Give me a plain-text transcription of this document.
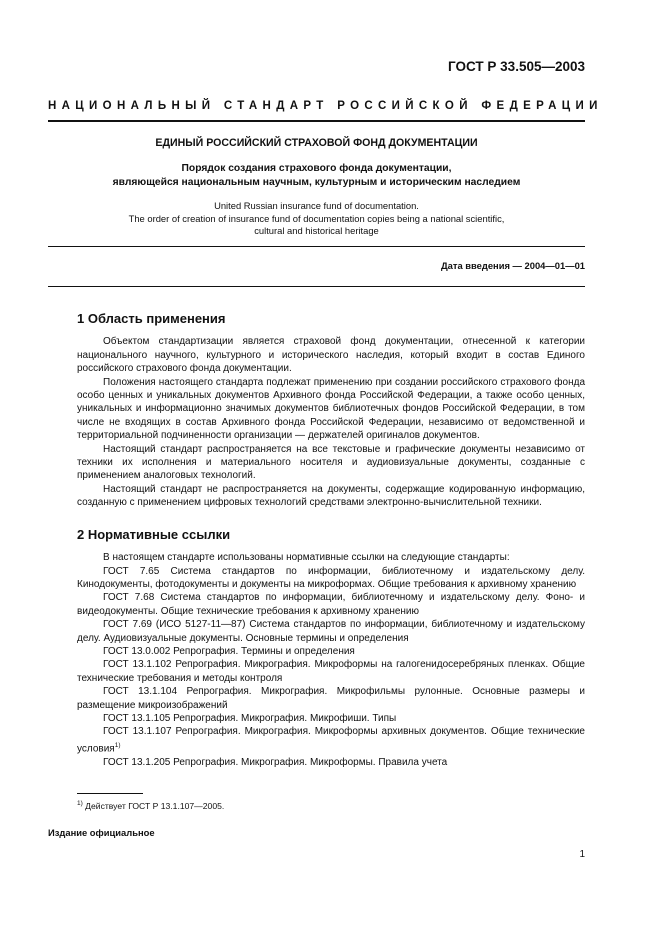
ГОСТ Р 33.505—2003
НАЦИОНАЛЬНЫЙ СТАНДАРТ РОССИЙСКОЙ ФЕДЕРАЦИИ
ЕДИНЫЙ РОССИЙСКИЙ СТРАХОВОЙ ФОНД ДОКУМЕНТАЦИИ
Порядок создания страхового фонда документации,
являющейся национальным научным, культурным и историческим наследием
United Russian insurance fund of documentation.
The order of creation of insurance fund of documentation copies being a national scientific,
cultural and historical heritage
Дата введения — 2004—01—01
1 Область применения

Объектом стандартизации является страховой фонд документации, отнесенной к категории национального научного, культурного и исторического наследия, который входит в состав Единого российского страхового фонда документации.

Положения настоящего стандарта подлежат применению при создании российского страхового фонда особо ценных и уникальных документов Архивного фонда Российской Федерации, а также особо ценных, уникальных и информационно значимых документов библиотечных фондов Российской Федерации, в том числе не входящих в состав Архивного фонда Российской Федерации, независимо от ведомственной и территориальной подчиненности организации — держателей оригиналов документов.

Настоящий стандарт распространяется на все текстовые и графические документы независимо от техники их исполнения и материального носителя и аудиовизуальные документы, созданные с применением аналоговых технологий.

Настоящий стандарт не распространяется на документы, содержащие кодированную информацию, созданную с применением цифровых технологий средствами электронно-вычислительной техники.

2 Нормативные ссылки

В настоящем стандарте использованы нормативные ссылки на следующие стандарты:

ГОСТ 7.65 Система стандартов по информации, библиотечному и издательскому делу. Кинодокументы, фотодокументы и документы на микроформах. Общие требования к архивному хранению

ГОСТ 7.68 Система стандартов по информации, библиотечному и издательскому делу. Фоно- и видеодокументы. Общие технические требования к архивному хранению

ГОСТ 7.69 (ИСО 5127-11—87) Система стандартов по информации, библиотечному и издательскому делу. Аудиовизуальные документы. Основные термины и определения

ГОСТ 13.0.002 Репрография. Термины и определения

ГОСТ 13.1.102 Репрография. Микрография. Микроформы на галогенидосеребряных пленках. Общие технические требования и методы контроля

ГОСТ 13.1.104 Репрография. Микрография. Микрофильмы рулонные. Основные размеры и размещение микроизображений

ГОСТ 13.1.105 Репрография. Микрография. Микрофиши. Типы

ГОСТ 13.1.107 Репрография. Микрография. Микроформы архивных документов. Общие технические условия$^{1)}$

ГОСТ 13.1.205 Репрография. Микрография. Микроформы. Правила учета

$^{1)}$ Действует ГОСТ Р 13.1.107—2005.
Издание официальное
1
